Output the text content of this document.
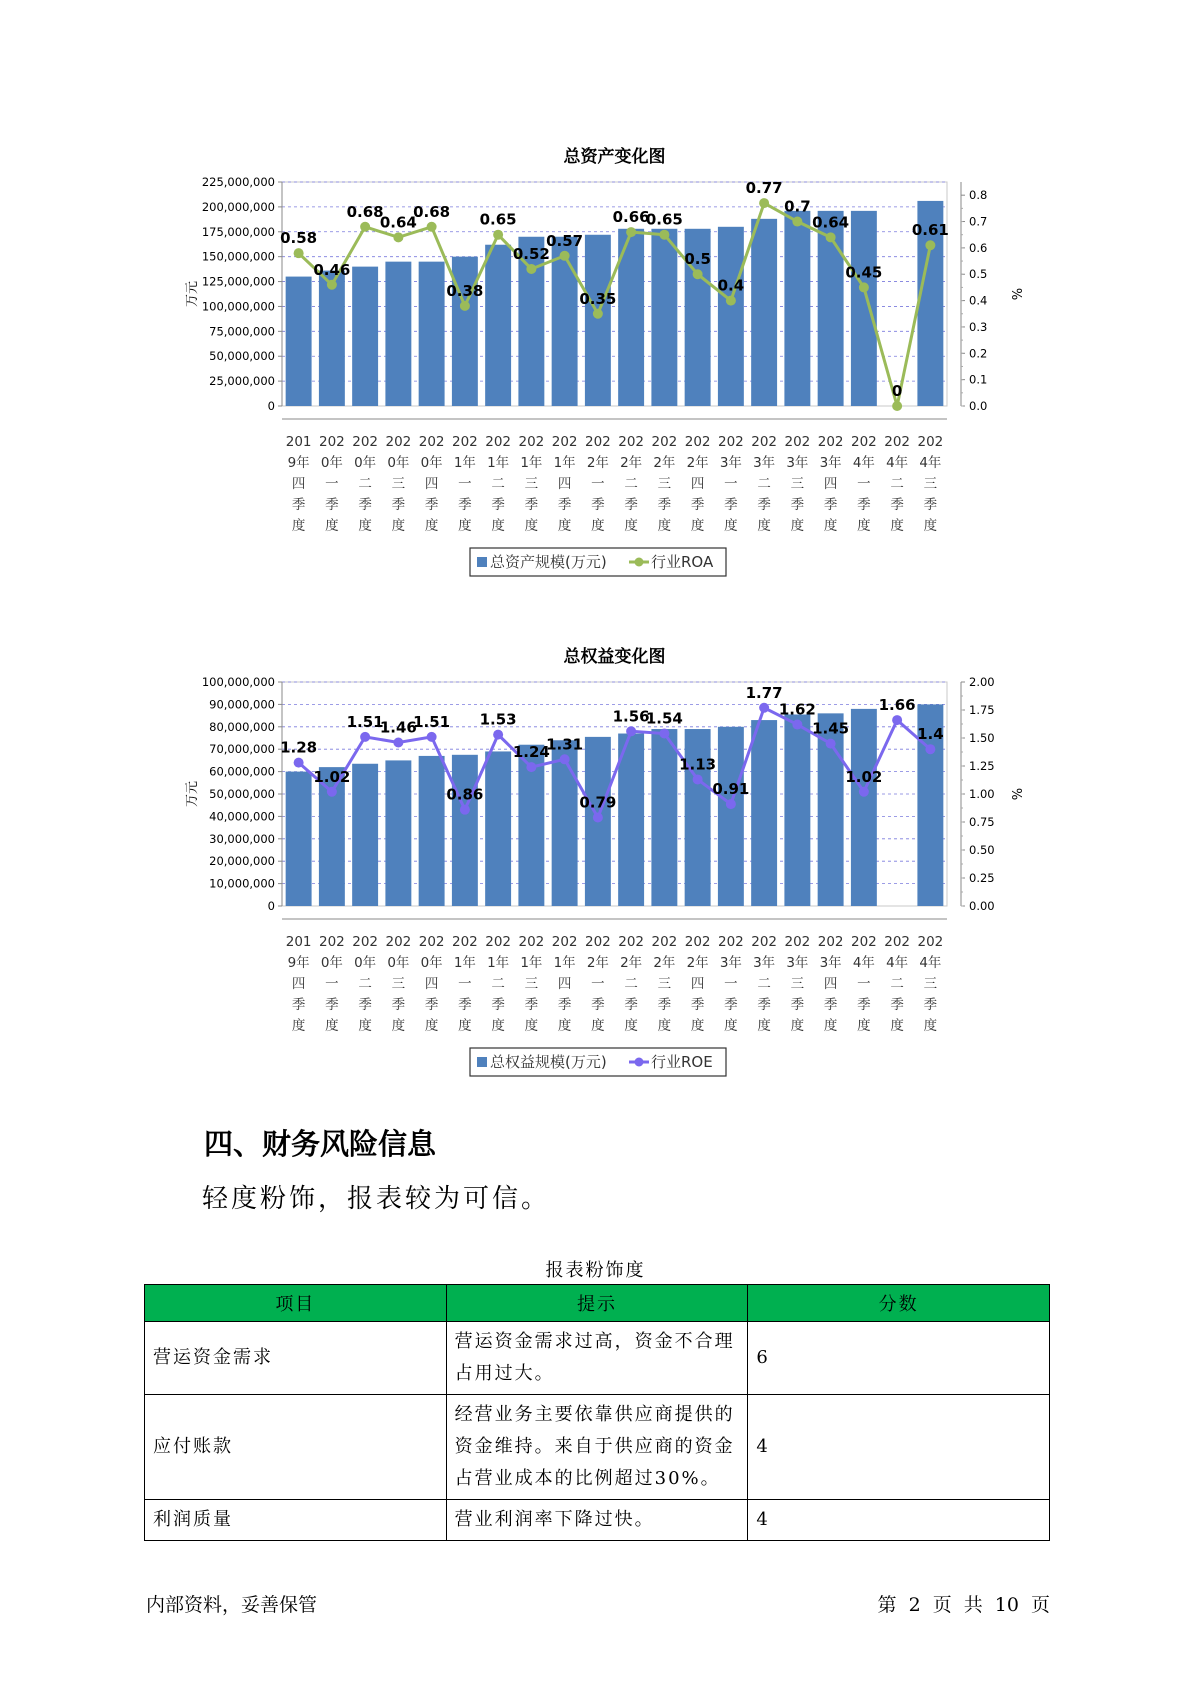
总资产变化图
0
25,000,000
50,000,000
75,000,000
100,000,000
125,000,000
150,000,000
175,000,000
200,000,000
225,000,000
0.0
0.1
0.2
0.3
0.4
0.5
0.6
0.7
0.8
万元	%
0.58
0.46
0.68
0.64
0.68
0.38
0.65
0.52
0.57
0.35
0.66
0.65
0.5
0.4
0.77
0.7
0.64
0.45
0
0.61
201 9年四季度
202 0年一季度
202 0年二季度
202 0年三季度
202 0年四季度
202 1年一季度
202 1年二季度
202 1年三季度
202 1年四季度
202 2年一季度
202 2年二季度
202 2年三季度
202 2年四季度
202 3年一季度
202 3年二季度
202 3年三季度
202 3年四季度
202 4年一季度
202 4年二季度
202 4年三季度
总资产规模(万元)	行业ROA
总权益变化图
0
10,000,000
20,000,000
30,000,000
40,000,000
50,000,000
60,000,000
70,000,000
80,000,000
90,000,000
100,000,000
0.00
0.25
0.50
0.75
1.00
1.25
1.50
1.75
2.00
万元	%
1.28
1.02
1.51
1.46
1.51
0.86
1.53
1.24
1.31
0.79
1.56
1.54
1.13
0.91
1.77
1.62
1.45
1.02
1.66
1.4
201 9年四季度
202 0年一季度
202 0年二季度
202 0年三季度
202 0年四季度
202 1年一季度
202 1年二季度
202 1年三季度
202 1年四季度
202 2年一季度
202 2年二季度
202 2年三季度
202 2年四季度
202 3年一季度
202 3年二季度
202 3年三季度
202 3年四季度
202 4年一季度
202 4年二季度
202 4年三季度
总权益规模(万元)	行业ROE
四、财务风险信息

轻度粉饰，报表较为可信。

报表粉饰度
项目	提示	分数
营运资金需求	营运资金需求过高，资金不合理占用过大。	6
应付账款	经营业务主要依靠供应商提供的资金维持。来自于供应商的资金占营业成本的比例超过30%。	4
利润质量	营业利润率下降过快。	4
内部资料，妥善保管	第 2 页 共 10 页
